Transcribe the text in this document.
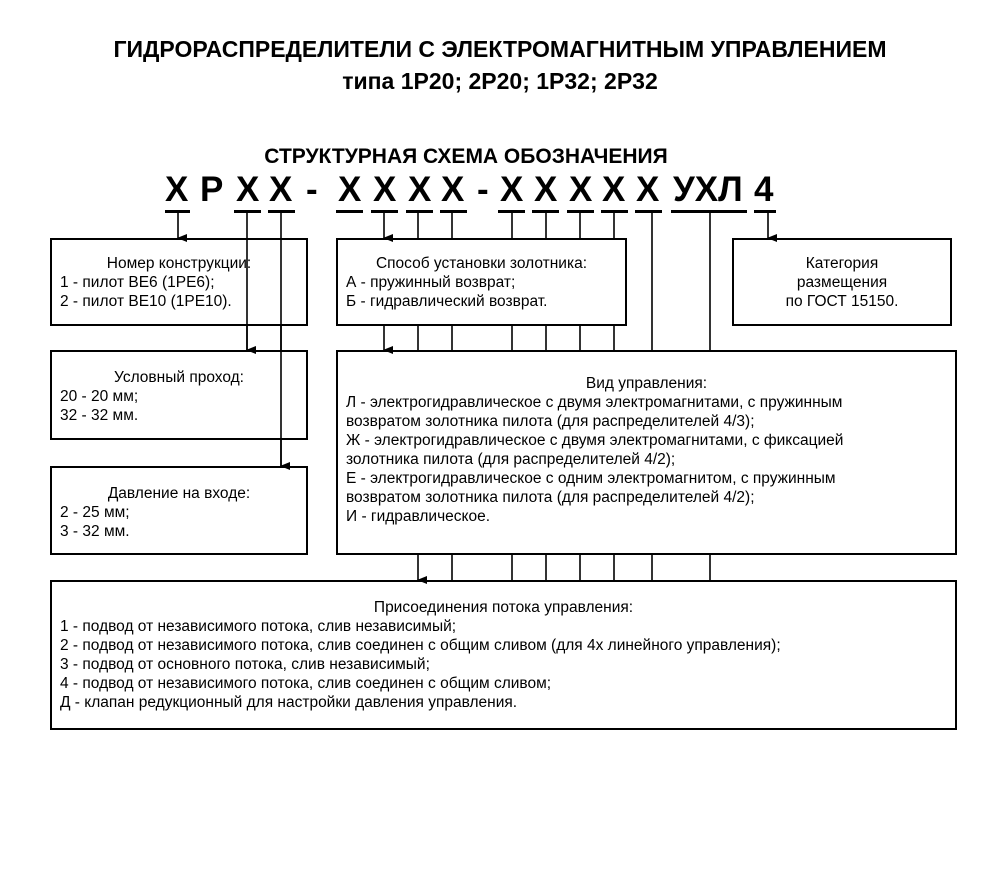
ГИДРОРАСПРЕДЕЛИТЕЛИ С ЭЛЕКТРОМАГНИТНЫМ УПРАВЛЕНИЕМ
типа 1Р20; 2Р20; 1Р32; 2Р32
СТРУКТУРНАЯ СХЕМА ОБОЗНАЧЕНИЯ
Х Р Х Х - Х Х Х Х - Х Х Х Х Х УХЛ 4
Номер конструкции:
1 - пилот ВЕ6 (1РЕ6);
2 - пилот ВЕ10 (1РЕ10).
Способ установки золотника:
А - пружинный возврат;
Б - гидравлический возврат.
Категория
размещения
по ГОСТ 15150.
Условный проход:
20 - 20 мм;
32 - 32 мм.
Вид управления:
Л - электрогидравлическое с двумя электромагнитами, с пружинным
возвратом золотника пилота (для распределителей 4/3);
Ж - электрогидравлическое с двумя электромагнитами, с фиксацией
золотника пилота (для распределителей 4/2);
Е - электрогидравлическое с одним электромагнитом, с пружинным
возвратом золотника пилота (для распределителей 4/2);
И - гидравлическое.
Давление на входе:
2 - 25 мм;
3 - 32 мм.
Присоединения потока управления:
1 - подвод от независимого потока, слив независимый;
2 - подвод от независимого потока, слив соединен с общим сливом (для 4х линейного управления);
3 - подвод от основного потока, слив независимый;
4 - подвод от независимого потока, слив соединен с общим сливом;
Д - клапан редукционный для настройки давления управления.
